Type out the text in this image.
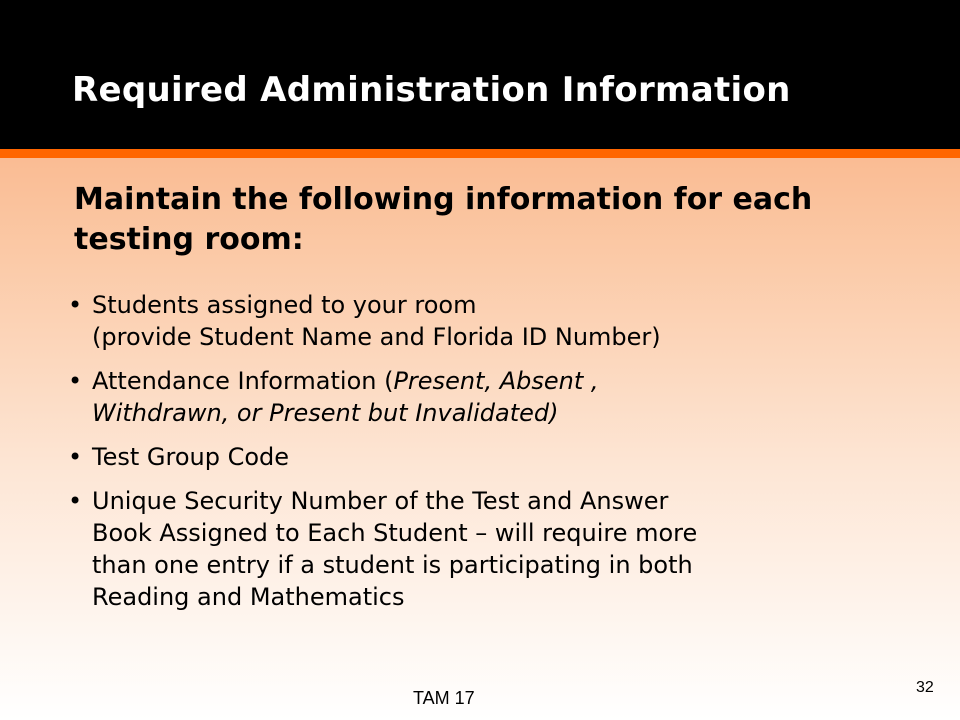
Required Administration Information
Maintain the following information for each testing room:
• Students assigned to your room
(provide Student Name and Florida ID Number)
• Attendance Information (Present, Absent ,
Withdrawn, or Present but Invalidated)
• Test Group Code
• Unique Security Number of the Test and Answer
Book Assigned to Each Student – will require more
than one entry if a student is participating in both
Reading and Mathematics
TAM 17
32
